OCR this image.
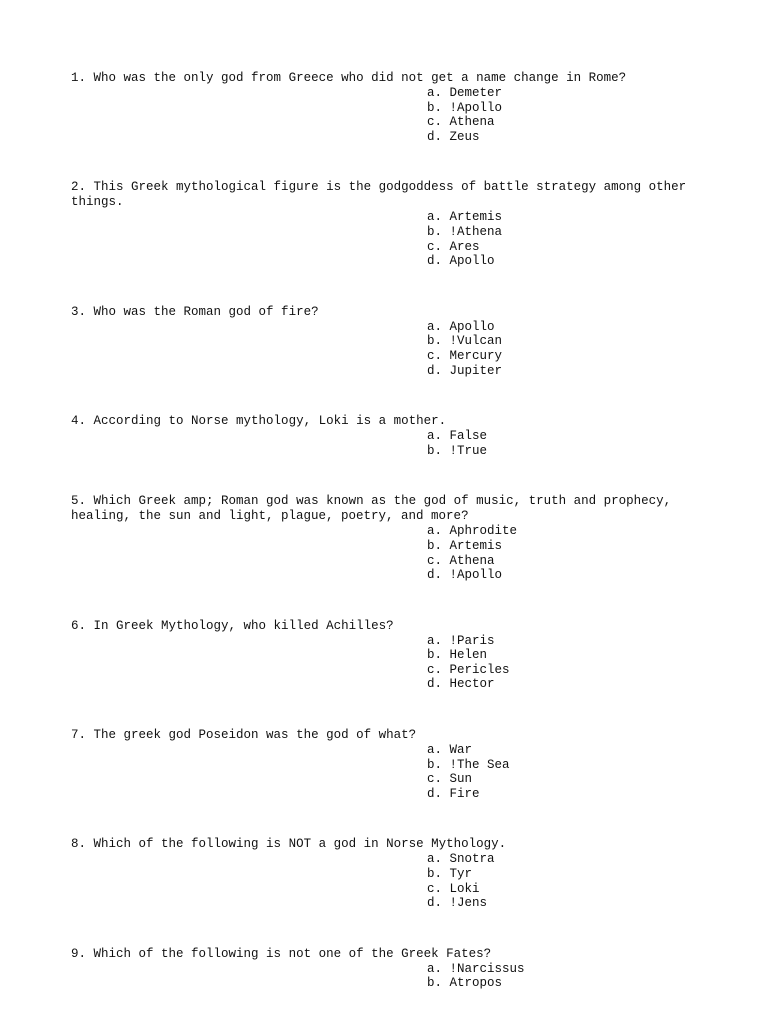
1. Who was the only god from Greece who did not get a name change in Rome?

a. Demeter
b. !Apollo
c. Athena
d. Zeus

2. This Greek mythological figure is the godgoddess of battle strategy among other things.

a. Artemis
b. !Athena
c. Ares
d. Apollo

3. Who was the Roman god of fire?

a. Apollo
b. !Vulcan
c. Mercury
d. Jupiter

4. According to Norse mythology, Loki is a mother.

a. False
b. !True

5. Which Greek amp; Roman god was known as the god of music, truth and prophecy, healing, the sun and light, plague, poetry, and more?

a. Aphrodite
b. Artemis
c. Athena
d. !Apollo

6. In Greek Mythology, who killed Achilles?

a. !Paris
b. Helen
c. Pericles
d. Hector

7. The greek god Poseidon was the god of what?

a. War
b. !The Sea
c. Sun
d. Fire

8. Which of the following is NOT a god in Norse Mythology.

a. Snotra
b. Tyr
c. Loki
d. !Jens

9. Which of the following is not one of the Greek Fates?

a. !Narcissus
b. Atropos
